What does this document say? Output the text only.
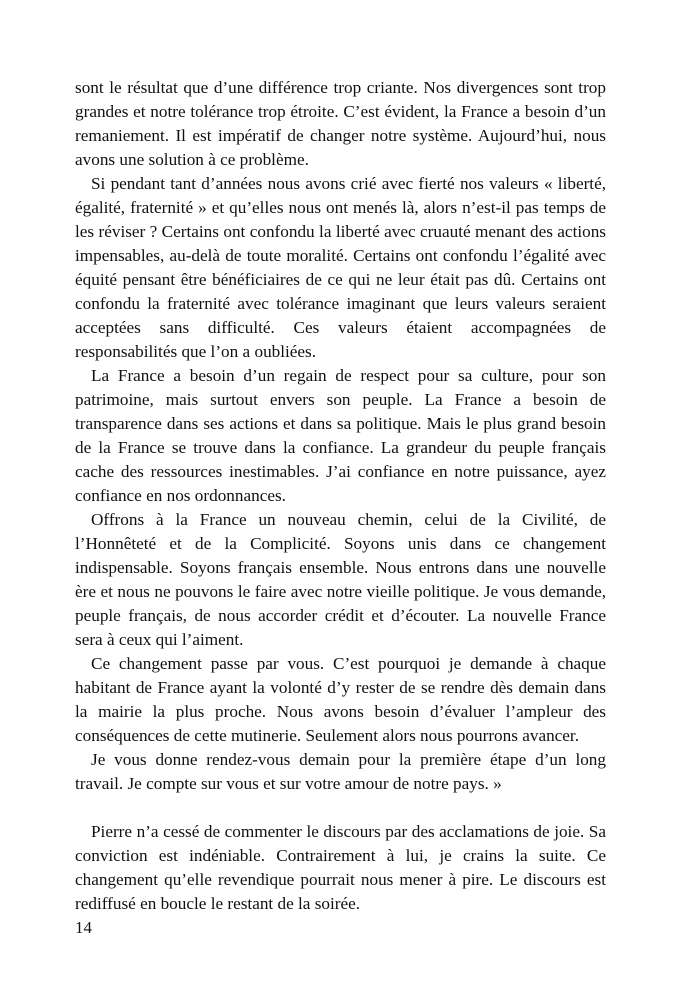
sont le résultat que d’une différence trop criante. Nos divergences sont trop grandes et notre tolérance trop étroite. C’est évident, la France a besoin d’un remaniement. Il est impératif de changer notre système. Aujourd’hui, nous avons une solution à ce problème.

Si pendant tant d’années nous avons crié avec fierté nos valeurs « liberté, égalité, fraternité » et qu’elles nous ont menés là, alors n’est-il pas temps de les réviser ? Certains ont confondu la liberté avec cruauté menant des actions impensables, au-delà de toute moralité. Certains ont confondu l’égalité avec équité pensant être bénéficiaires de ce qui ne leur était pas dû. Certains ont confondu la fraternité avec tolérance imaginant que leurs valeurs seraient acceptées sans difficulté. Ces valeurs étaient accompagnées de responsabilités que l’on a oubliées.

La France a besoin d’un regain de respect pour sa culture, pour son patrimoine, mais surtout envers son peuple. La France a besoin de transparence dans ses actions et dans sa politique. Mais le plus grand besoin de la France se trouve dans la confiance. La grandeur du peuple français cache des ressources inestimables. J’ai confiance en notre puissance, ayez confiance en nos ordonnances.

Offrons à la France un nouveau chemin, celui de la Civilité, de l’Honnêteté et de la Complicité. Soyons unis dans ce changement indispensable. Soyons français ensemble. Nous entrons dans une nouvelle ère et nous ne pouvons le faire avec notre vieille politique. Je vous demande, peuple français, de nous accorder crédit et d’écouter. La nouvelle France sera à ceux qui l’aiment.

Ce changement passe par vous. C’est pourquoi je demande à chaque habitant de France ayant la volonté d’y rester de se rendre dès demain dans la mairie la plus proche. Nous avons besoin d’évaluer l’ampleur des conséquences de cette mutinerie. Seulement alors nous pourrons avancer.

Je vous donne rendez-vous demain pour la première étape d’un long travail. Je compte sur vous et sur votre amour de notre pays. »

Pierre n’a cessé de commenter le discours par des acclamations de joie. Sa conviction est indéniable. Contrairement à lui, je crains la suite. Ce changement qu’elle revendique pourrait nous mener à pire. Le discours est rediffusé en boucle le restant de la soirée.

14
